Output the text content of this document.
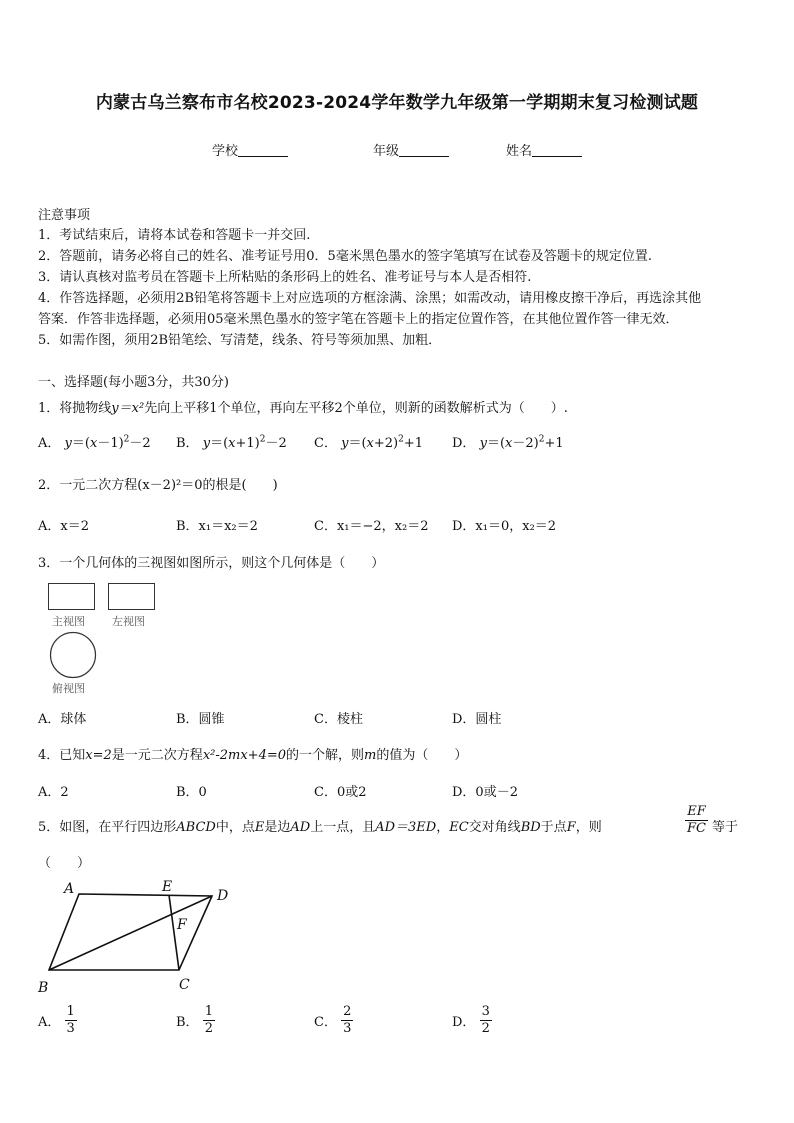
内蒙古乌兰察布市名校2023-2024学年数学九年级第一学期期末复习检测试题
学校	年级	姓名
注意事项
1．考试结束后，请将本试卷和答题卡一并交回.
2．答题前，请务必将自己的姓名、准考证号用0．5毫米黑色墨水的签字笔填写在试卷及答题卡的规定位置.
3．请认真核对监考员在答题卡上所粘贴的条形码上的姓名、准考证号与本人是否相符.
4．作答选择题，必须用2B铅笔将答题卡上对应选项的方框涂满、涂黑；如需改动，请用橡皮擦干净后，再选涂其他
答案．作答非选择题，必须用05毫米黑色墨水的签字笔在答题卡上的指定位置作答，在其他位置作答一律无效．
5．如需作图，须用2B铅笔绘、写清楚，线条、符号等须加黑、加粗．
一、选择题(每小题3分，共30分)
1．将抛物线y＝x²先向上平移1个单位，再向左平移2个单位，则新的函数解析式为（　　）.
A． $y=(x-1)^2-2$ B． $y=(x+1)^2-2$ C． $y=(x+2)^2+1$ D． $y=(x-2)^2+1$
2．一元二次方程(x－2)²＝0的根是(　　)
A．x＝2	B．x₁＝x₂＝2	C．x₁＝−2，x₂＝2 D．x₁＝0，x₂＝2
3．一个几何体的三视图如图所示，则这个几何体是（　　）
主视图 左视图
俯视图
A．球体	B．圆锥	C．棱柱	D．圆柱
4．已知x=2是一元二次方程x²-2mx+4=0的一个解，则m的值为（　　）
A．2	B．0	C．0或2	D．0或－2
5．如图，在平行四边形ABCD中，点E是边AD上一点，且AD＝3ED，EC交对角线BD于点F，则	$\frac{EF}{FC}$ 等于
（　　）
A	E
D
F
B	C
A． $\frac{1}{3}$	B． $\frac{1}{2}$	C． $\frac{2}{3}$	D． $\frac{3}{2}$
